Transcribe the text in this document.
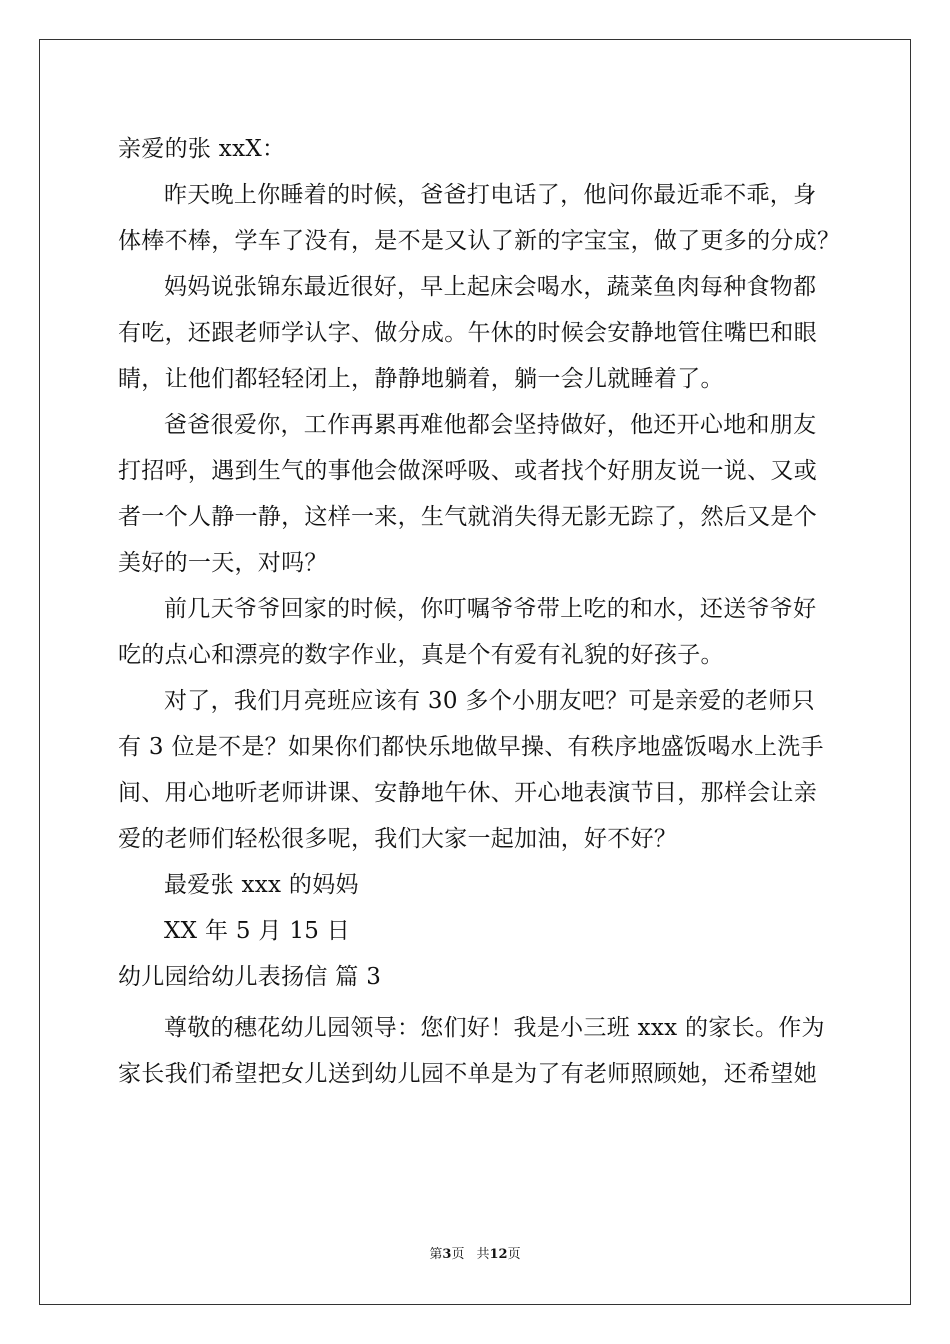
亲爱的张 xxX：
昨天晚上你睡着的时候，爸爸打电话了，他问你最近乖不乖，身
体棒不棒，学车了没有，是不是又认了新的字宝宝，做了更多的分成？
妈妈说张锦东最近很好，早上起床会喝水，蔬菜鱼肉每种食物都
有吃，还跟老师学认字、做分成。午休的时候会安静地管住嘴巴和眼
睛，让他们都轻轻闭上，静静地躺着，躺一会儿就睡着了。
爸爸很爱你，工作再累再难他都会坚持做好，他还开心地和朋友
打招呼，遇到生气的事他会做深呼吸、或者找个好朋友说一说、又或
者一个人静一静，这样一来，生气就消失得无影无踪了，然后又是个
美好的一天，对吗？
前几天爷爷回家的时候，你叮嘱爷爷带上吃的和水，还送爷爷好
吃的点心和漂亮的数字作业，真是个有爱有礼貌的好孩子。
对了，我们月亮班应该有 30 多个小朋友吧？可是亲爱的老师只
有 3 位是不是？如果你们都快乐地做早操、有秩序地盛饭喝水上洗手
间、用心地听老师讲课、安静地午休、开心地表演节目，那样会让亲
爱的老师们轻松很多呢，我们大家一起加油，好不好？
最爱张 xxx 的妈妈
XX 年 5 月 15 日
幼儿园给幼儿表扬信 篇 3
尊敬的穗花幼儿园领导：您们好！我是小三班 xxx 的家长。作为
家长我们希望把女儿送到幼儿园不单是为了有老师照顾她，还希望她
第3页 共12页
